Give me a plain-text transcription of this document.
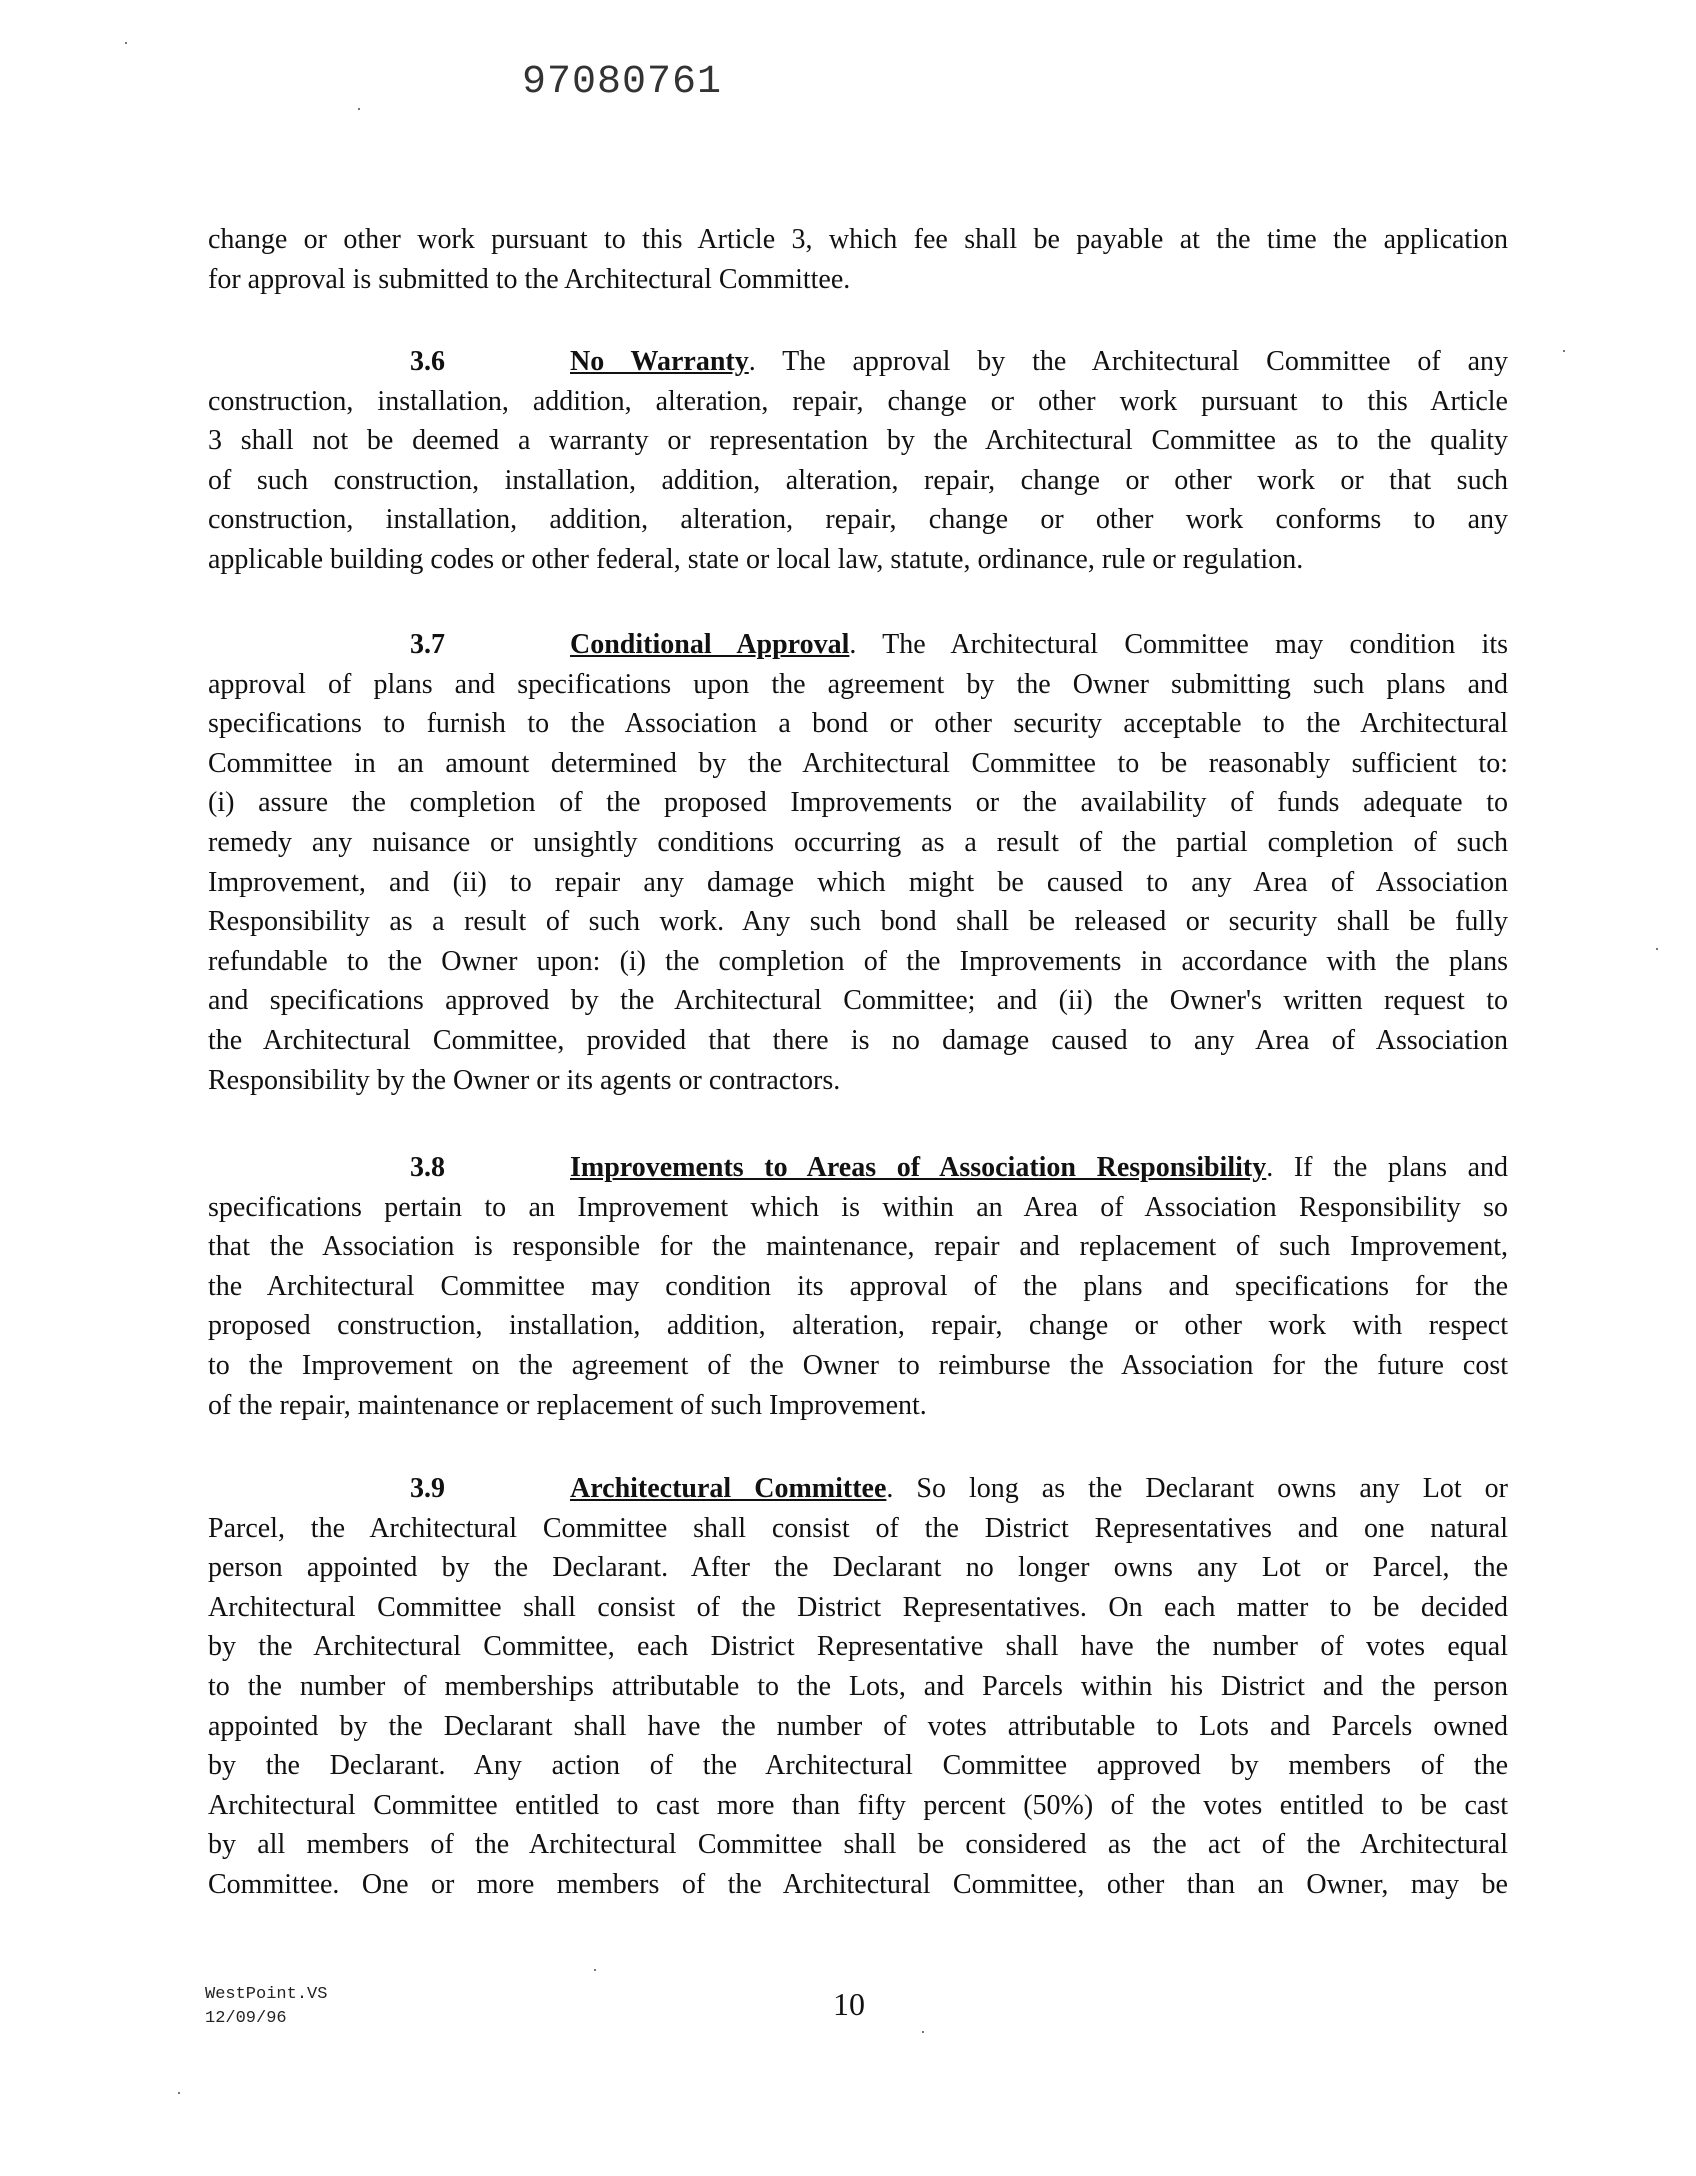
97080761
change or other work pursuant to this Article 3, which fee shall be payable at the time the application
for approval is submitted to the Architectural Committee.
3.6	No Warranty. The approval by the Architectural Committee of any
construction, installation, addition, alteration, repair, change or other work pursuant to this Article
3 shall not be deemed a warranty or representation by the Architectural Committee as to the quality
of such construction, installation, addition, alteration, repair, change or other work or that such
construction, installation, addition, alteration, repair, change or other work conforms to any
applicable building codes or other federal, state or local law, statute, ordinance, rule or regulation.
3.7	Conditional Approval. The Architectural Committee may condition its
approval of plans and specifications upon the agreement by the Owner submitting such plans and
specifications to furnish to the Association a bond or other security acceptable to the Architectural
Committee in an amount determined by the Architectural Committee to be reasonably sufficient to:
(i) assure the completion of the proposed Improvements or the availability of funds adequate to
remedy any nuisance or unsightly conditions occurring as a result of the partial completion of such
Improvement, and (ii) to repair any damage which might be caused to any Area of Association
Responsibility as a result of such work. Any such bond shall be released or security shall be fully
refundable to the Owner upon: (i) the completion of the Improvements in accordance with the plans
and specifications approved by the Architectural Committee; and (ii) the Owner's written request to
the Architectural Committee, provided that there is no damage caused to any Area of Association
Responsibility by the Owner or its agents or contractors.
3.8	Improvements to Areas of Association Responsibility. If the plans and
specifications pertain to an Improvement which is within an Area of Association Responsibility so
that the Association is responsible for the maintenance, repair and replacement of such Improvement,
the Architectural Committee may condition its approval of the plans and specifications for the
proposed construction, installation, addition, alteration, repair, change or other work with respect
to the Improvement on the agreement of the Owner to reimburse the Association for the future cost
of the repair, maintenance or replacement of such Improvement.
3.9	Architectural Committee. So long as the Declarant owns any Lot or
Parcel, the Architectural Committee shall consist of the District Representatives and one natural
person appointed by the Declarant. After the Declarant no longer owns any Lot or Parcel, the
Architectural Committee shall consist of the District Representatives. On each matter to be decided
by the Architectural Committee, each District Representative shall have the number of votes equal
to the number of memberships attributable to the Lots, and Parcels within his District and the person
appointed by the Declarant shall have the number of votes attributable to Lots and Parcels owned
by the Declarant. Any action of the Architectural Committee approved by members of the
Architectural Committee entitled to cast more than fifty percent (50%) of the votes entitled to be cast
by all members of the Architectural Committee shall be considered as the act of the Architectural
Committee. One or more members of the Architectural Committee, other than an Owner, may be
WestPoint.VS
12/09/96	10
